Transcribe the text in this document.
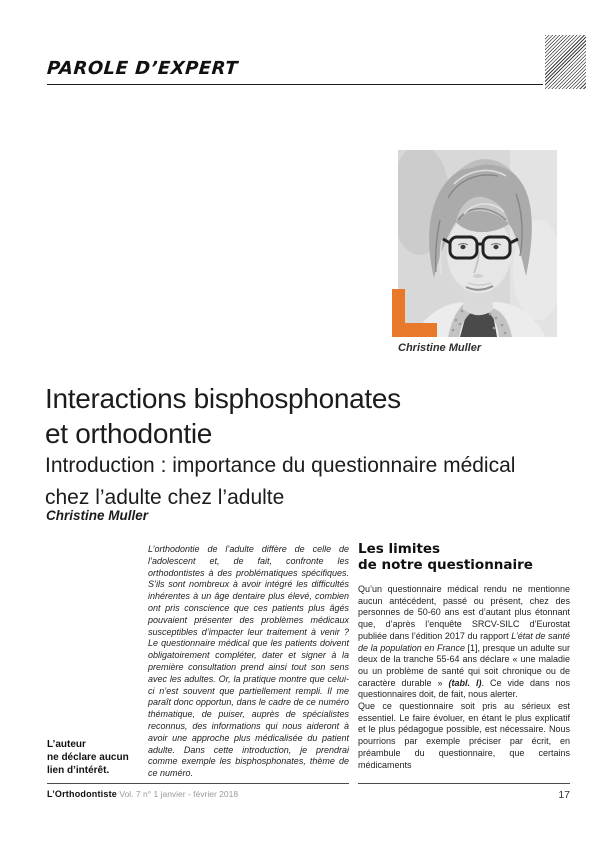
PAROLE D’EXPERT
Christine Muller
Interactions bisphosphonates
et orthodontie
Introduction : importance du questionnaire médical
chez l’adulte chez l’adulte
Christine Muller
L’orthodontie de l’adulte diffère de celle de l’adolescent et, de fait, confronte les orthodontistes à des problématiques spécifiques. S’ils sont nombreux à avoir intégré les difficultés inhérentes à un âge dentaire plus élevé, combien ont pris conscience que ces patients plus âgés pouvaient présenter des problèmes médicaux susceptibles d’impacter leur traitement à venir ? Le questionnaire médical que les patients doivent obligatoirement compléter, dater et signer à la première consultation prend ainsi tout son sens avec les adultes. Or, la pratique montre que celui-ci n’est souvent que partiellement rempli. Il me paraît donc opportun, dans le cadre de ce numéro thématique, de puiser, auprès de spécialistes reconnus, des informations qui nous aideront à avoir une approche plus médicalisée du patient adulte. Dans cette introduction, je prendrai comme exemple les bisphosphonates, thème de ce numéro.
L’auteur
ne déclare aucun
lien d’intérêt.
Les limites
de notre questionnaire

Qu’un questionnaire médical rendu ne mentionne aucun antécédent, passé ou présent, chez des personnes de 50-60 ans est d’autant plus étonnant que, d’après l’enquête SRCV-SILC d’Eurostat publiée dans l’édition 2017 du rapport L’état de santé de la population en France [1], presque un adulte sur deux de la tranche 55-64 ans déclare « une maladie ou un problème de santé qui soit chronique ou de caractère durable » (tabl. I). Ce vide dans nos questionnaires doit, de fait, nous alerter.

Que ce questionnaire soit pris au sérieux est essentiel. Le faire évoluer, en étant le plus explicatif et le plus pédagogue possible, est nécessaire. Nous pourrions par exemple préciser par écrit, en préambule du questionnaire, que certains médicaments

L’Orthodontiste Vol. 7 n° 1 janvier - février 2018	17
